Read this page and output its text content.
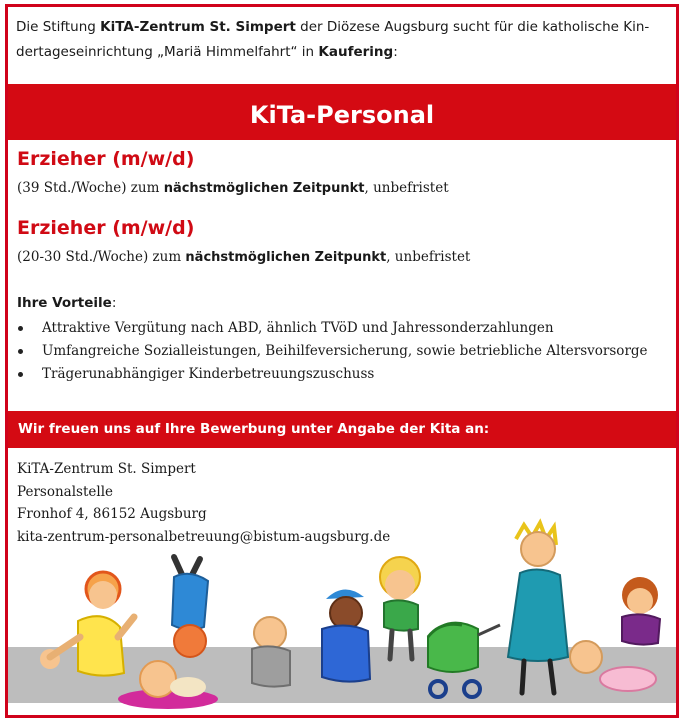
Die Stiftung KiTA-Zentrum St. Simpert der Diözese Augsburg sucht für die katholische Kin-
dertageseinrichtung „Mariä Himmelfahrt“ in Kaufering:
KiTa-Personal
Erzieher (m/w/d)
(39 Std./Woche) zum nächstmöglichen Zeitpunkt, unbefristet
Erzieher (m/w/d)
(20-30 Std./Woche) zum nächstmöglichen Zeitpunkt, unbefristet
Ihre Vorteile:
Attraktive Vergütung nach ABD, ähnlich TVöD und Jahressonderzahlungen
Umfangreiche Sozialleistungen, Beihilfeversicherung, sowie betriebliche Altersvorsorge
Trägerunabhängiger Kinderbetreuungszuschuss
Wir freuen uns auf Ihre Bewerbung unter Angabe der Kita an:
KiTA-Zentrum St. Simpert
Personalstelle
Fronhof 4, 86152 Augsburg
kita-zentrum-personalbetreuung@bistum-augsburg.de
